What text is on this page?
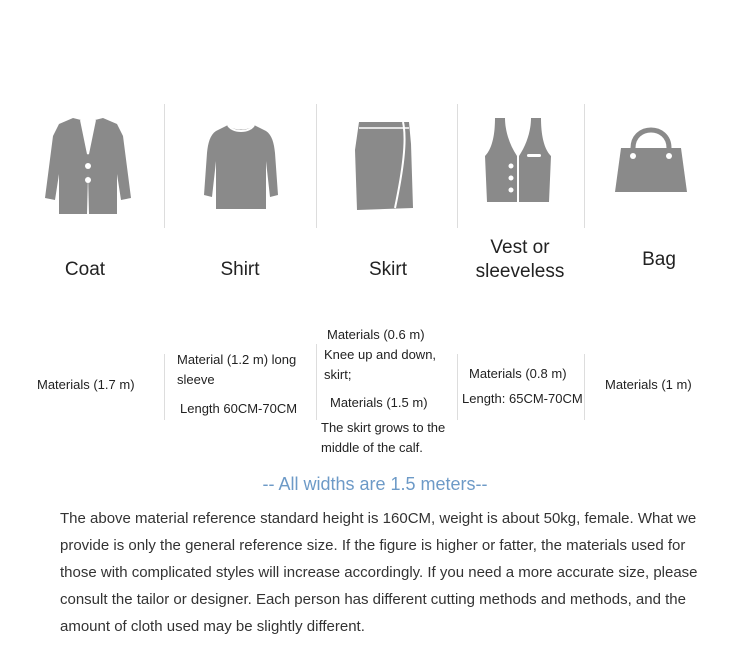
Coat	Shirt	Skirt
Vest or
sleeveless
Bag
Materials (1.7 m)
Material (1.2 m) long sleeve
Length 60CM-70CM
Materials (0.6 m)
Knee up and down, skirt;
Materials (1.5 m)
The skirt grows to the middle of the calf.
Materials (0.8 m)
Length: 65CM-70CM
Materials (1 m)
-- All widths are 1.5 meters--
The above material reference standard height is 160CM, weight is about 50kg, female. What we provide is only the general reference size. If the figure is higher or fatter, the materials used for those with complicated styles will increase accordingly. If you need a more accurate size, please consult the tailor or designer. Each person has different cutting methods and methods, and the amount of cloth used may be slightly different.
